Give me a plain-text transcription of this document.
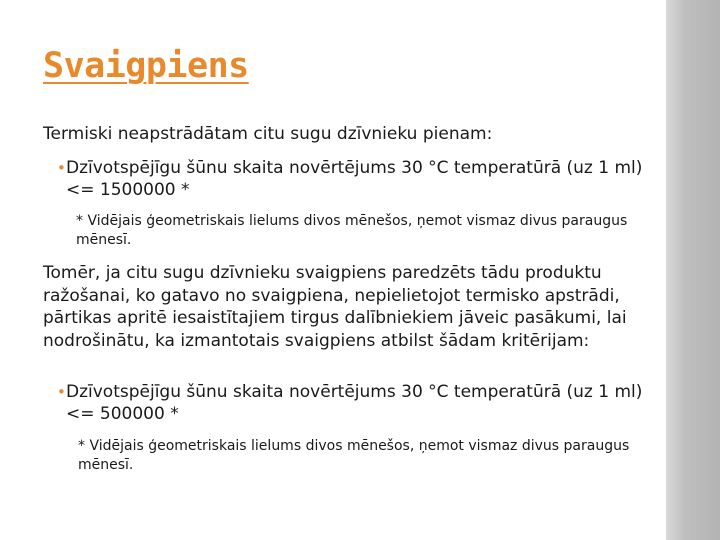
Svaigpiens

Termiski neapstrādātam citu sugu dzīvnieku pienam:

• Dzīvotspējīgu šūnu skaita novērtējums 30 °C temperatūrā (uz 1 ml)<= 1500000 *

* Vidējais ģeometriskais lielums divos mēnešos, ņemot vismaz divus paraugus mēnesī.

Tomēr, ja citu sugu dzīvnieku svaigpiens paredzēts tādu produktu ražošanai, ko gatavo no svaigpiena, nepielietojot termisko apstrādi, pārtikas apritē iesaistītajiem tirgus dalībniekiem jāveic pasākumi, lai nodrošinātu, ka izmantotais svaigpiens atbilst šādam kritērijam:

• Dzīvotspējīgu šūnu skaita novērtējums 30 °C temperatūrā (uz 1 ml) <= 500000 *

* Vidējais ģeometriskais lielums divos mēnešos, ņemot vismaz divus paraugus mēnesī.
